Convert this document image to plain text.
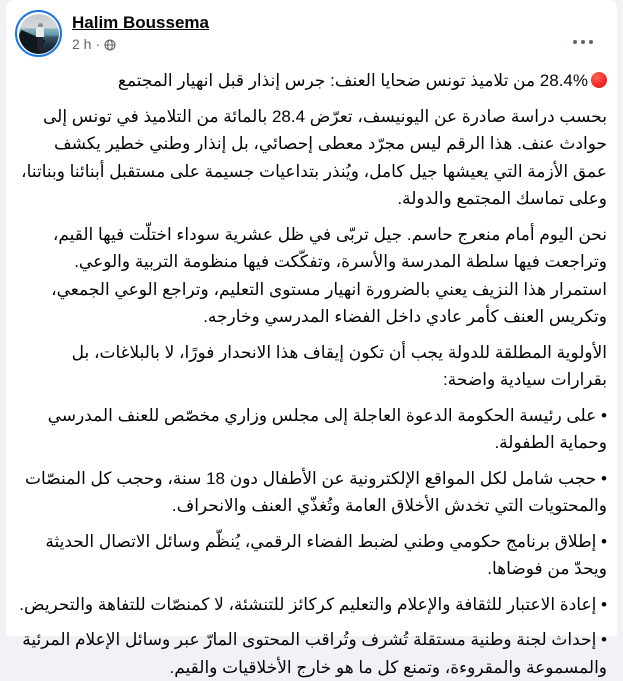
Halim Boussema
2 h ·

28.4% من تلاميذ تونس ضحايا العنف: جرس إنذار قبل انهيار المجتمع

بحسب دراسة صادرة عن اليونيسف، تعرّض 28.4 بالمائة من التلاميذ في تونس إلى حوادث عنف. هذا الرقم ليس مجرّد معطى إحصائي، بل إنذار وطني خطير يكشف عمق الأزمة التي يعيشها جيل كامل، ويُنذر بتداعيات جسيمة على مستقبل أبنائنا وبناتنا، وعلى تماسك المجتمع والدولة.

نحن اليوم أمام منعرج حاسم. جيل تربّى في ظل عشرية سوداء اختلّت فيها القيم، وتراجعت فيها سلطة المدرسة والأسرة، وتفكّكت فيها منظومة التربية والوعي. استمرار هذا النزيف يعني بالضرورة انهيار مستوى التعليم، وتراجع الوعي الجمعي، وتكريس العنف كأمر عادي داخل الفضاء المدرسي وخارجه.

الأولوية المطلقة للدولة يجب أن تكون إيقاف هذا الانحدار فورًا، لا بالبلاغات، بل بقرارات سيادية واضحة:

• على رئيسة الحكومة الدعوة العاجلة إلى مجلس وزاري مخصّص للعنف المدرسي وحماية الطفولة.

• حجب شامل لكل المواقع الإلكترونية عن الأطفال دون 18 سنة، وحجب كل المنصّات والمحتويات التي تخدش الأخلاق العامة وتُغذّي العنف والانحراف.

• إطلاق برنامج حكومي وطني لضبط الفضاء الرقمي، يُنظّم وسائل الاتصال الحديثة ويحدّ من فوضاها.

• إعادة الاعتبار للثقافة والإعلام والتعليم كركائز للتنشئة، لا كمنصّات للتفاهة والتحريض.

• إحداث لجنة وطنية مستقلة تُشرف وتُراقب المحتوى المارّ عبر وسائل الإعلام المرئية والمسموعة والمقروءة، وتمنع كل ما هو خارج الأخلاقيات والقيم.
